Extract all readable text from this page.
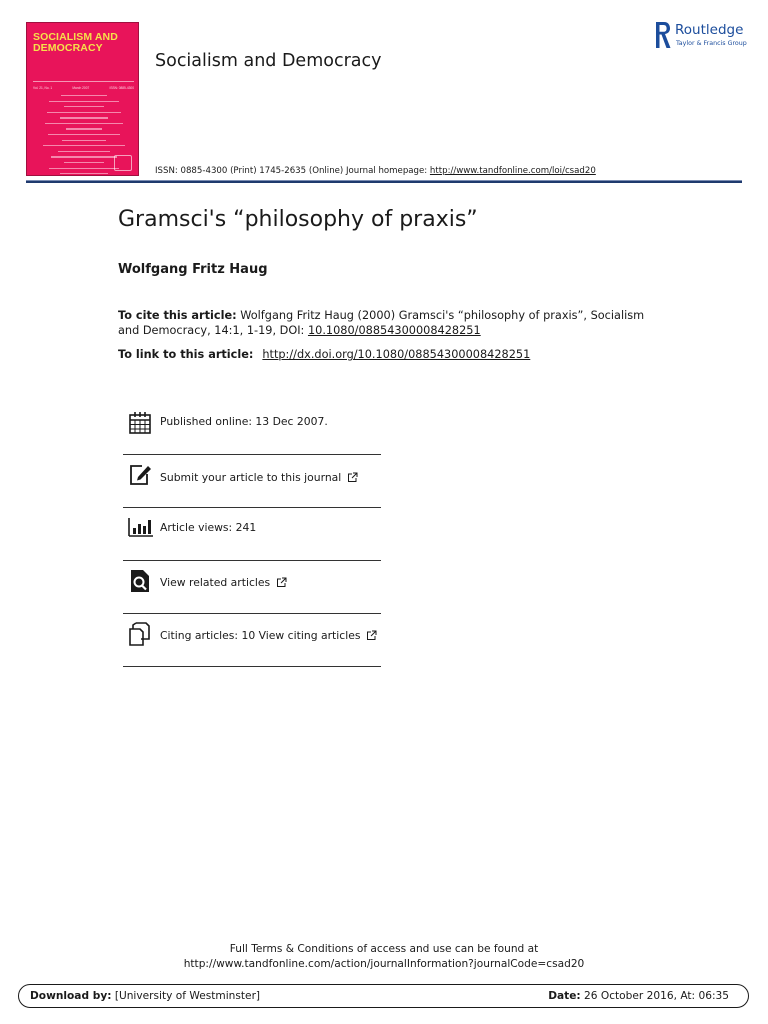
SOCIALISM AND
DEMOCRACY
Vol. 21, No. 1	March 2007	ISSN: 0885-4300
Socialism and Democracy
Routledge
Taylor & Francis Group
ISSN: 0885-4300 (Print) 1745-2635 (Online) Journal homepage: http://www.tandfonline.com/loi/csad20
Gramsci's “philosophy of praxis”
Wolfgang Fritz Haug
To cite this article: Wolfgang Fritz Haug (2000) Gramsci's “philosophy of praxis”, Socialism and Democracy, 14:1, 1-19, DOI: 10.1080/08854300008428251
To link to this article: http://dx.doi.org/10.1080/08854300008428251
Published online: 13 Dec 2007.
Submit your article to this journal
Article views: 241
View related articles
Citing articles: 10 View citing articles
Full Terms & Conditions of access and use can be found at
http://www.tandfonline.com/action/journalInformation?journalCode=csad20
Download by: [University of Westminster]	Date: 26 October 2016, At: 06:35
